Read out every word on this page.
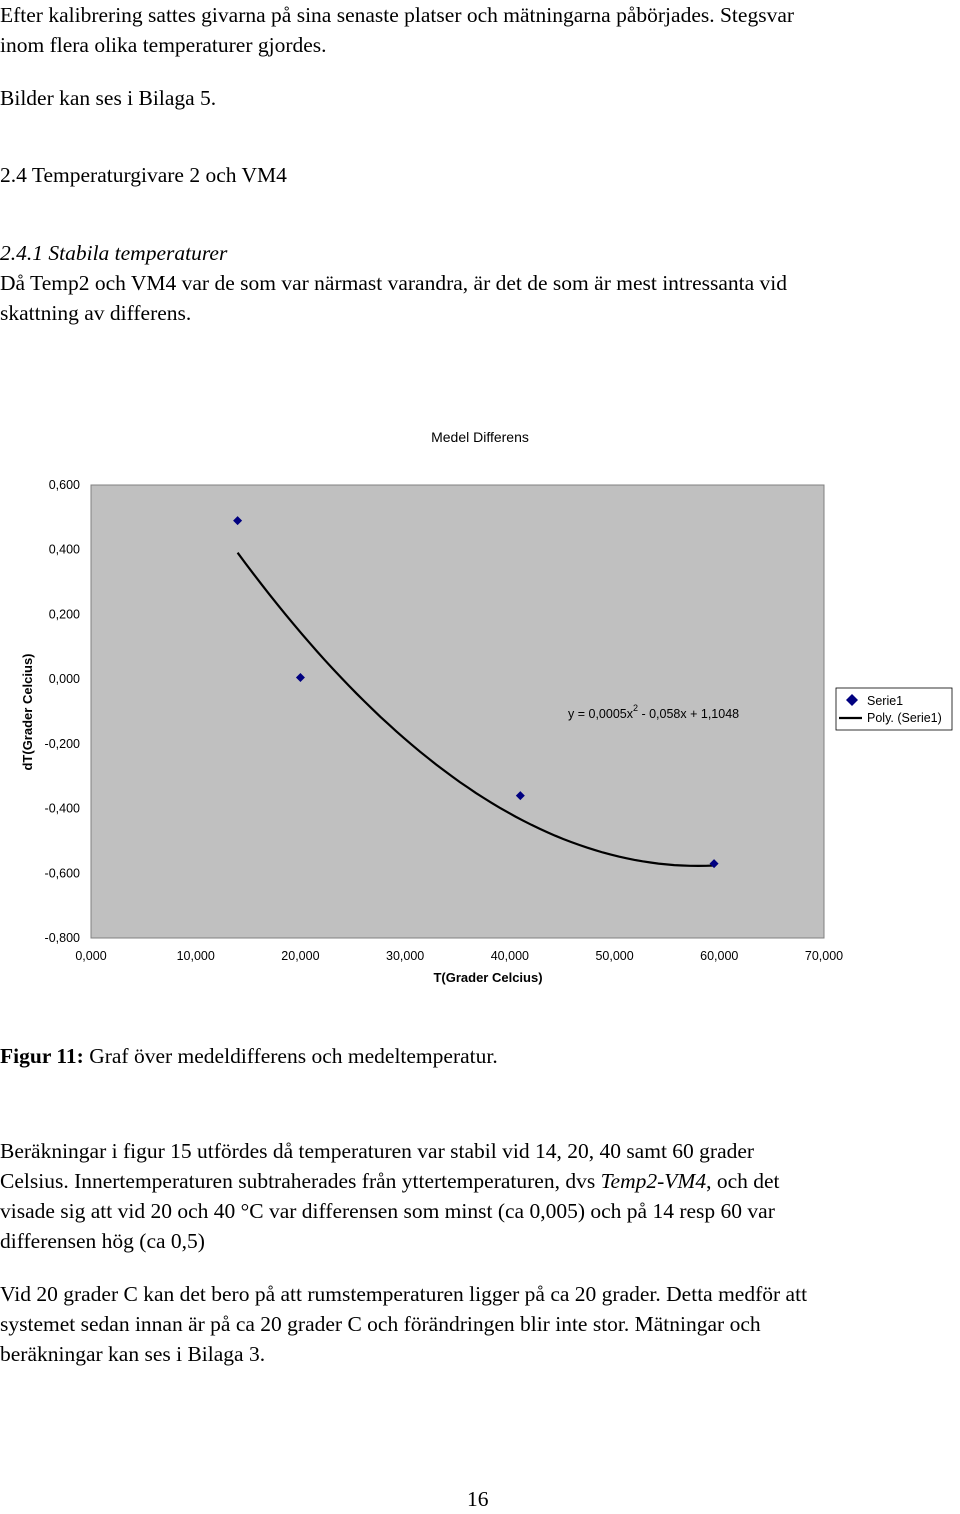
Efter kalibrering sattes givarna på sina senaste platser och mätningarna påbörjades. Stegsvar

inom flera olika temperaturer gjordes.

Bilder kan ses i Bilaga 5.

2.4 Temperaturgivare 2 och VM4

2.4.1 Stabila temperaturer

Då Temp2 och VM4 var de som var närmast varandra, är det de som är mest intressanta vid

skattning av differens.

Medel Differens
0,600
0,400
0,200
0,000
-0,200
-0,400
-0,600
-0,800
0,000	10,000	20,000	30,000	40,000	50,000	60,000	70,000
T(Grader Celcius)
dT(Grader Celcius)	$y = 0,0005x^2 - 0,058x + 1,1048$
Serie1
Poly. (Serie1)

Figur 11: Graf över medeldifferens och medeltemperatur.

Beräkningar i figur 15 utfördes då temperaturen var stabil vid 14, 20, 40 samt 60 grader

Celsius. Innertemperaturen subtraherades från yttertemperaturen, dvs Temp2-VM4, och det

visade sig att vid 20 och 40 °C var differensen som minst (ca 0,005) och på 14 resp 60 var

differensen hög (ca 0,5)

Vid 20 grader C kan det bero på att rumstemperaturen ligger på ca 20 grader. Detta medför att

systemet sedan innan är på ca 20 grader C och förändringen blir inte stor. Mätningar och

beräkningar kan ses i Bilaga 3.

16
